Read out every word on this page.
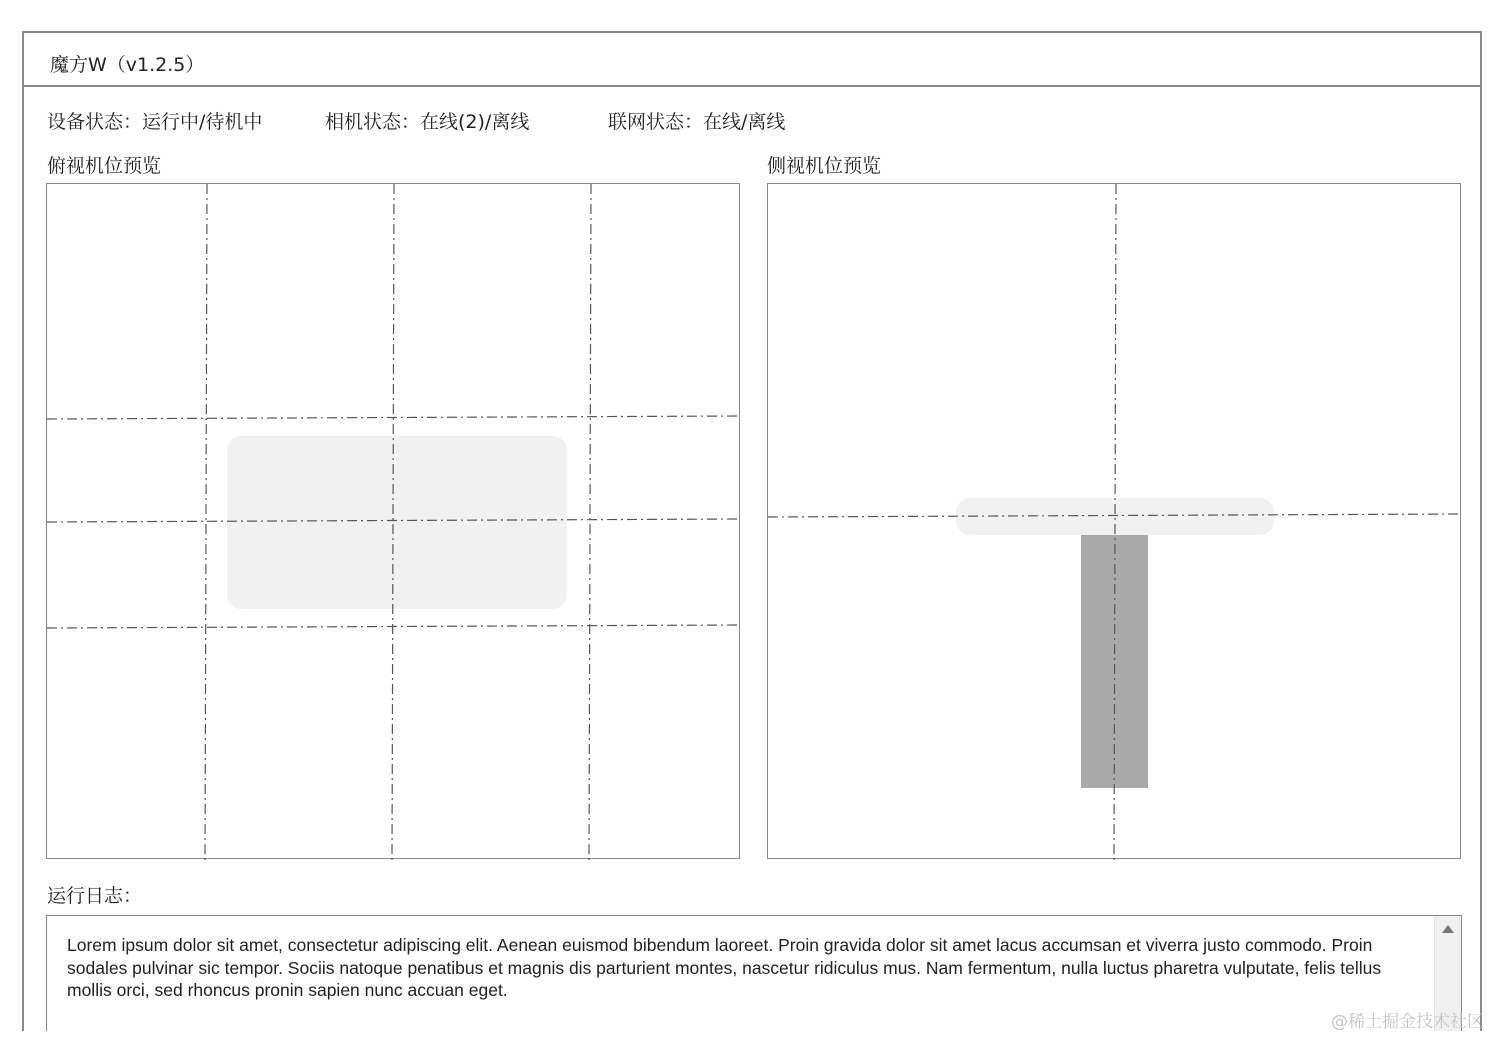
魔方W（v1.2.5）
设备状态：运行中/待机中	相机状态：在线(2)/离线	联网状态：在线/离线
俯视机位预览	侧视机位预览
运行日志：
Lorem ipsum dolor sit amet, consectetur adipiscing elit. Aenean euismod bibendum laoreet. Proin gravida dolor sit amet lacus accumsan et viverra justo commodo. Proin sodales pulvinar sic tempor. Sociis natoque penatibus et magnis dis parturient montes, nascetur ridiculus mus. Nam fermentum, nulla luctus pharetra vulputate, felis tellus mollis orci, sed rhoncus pronin sapien nunc accuan eget.
@稀土掘金技术社区
